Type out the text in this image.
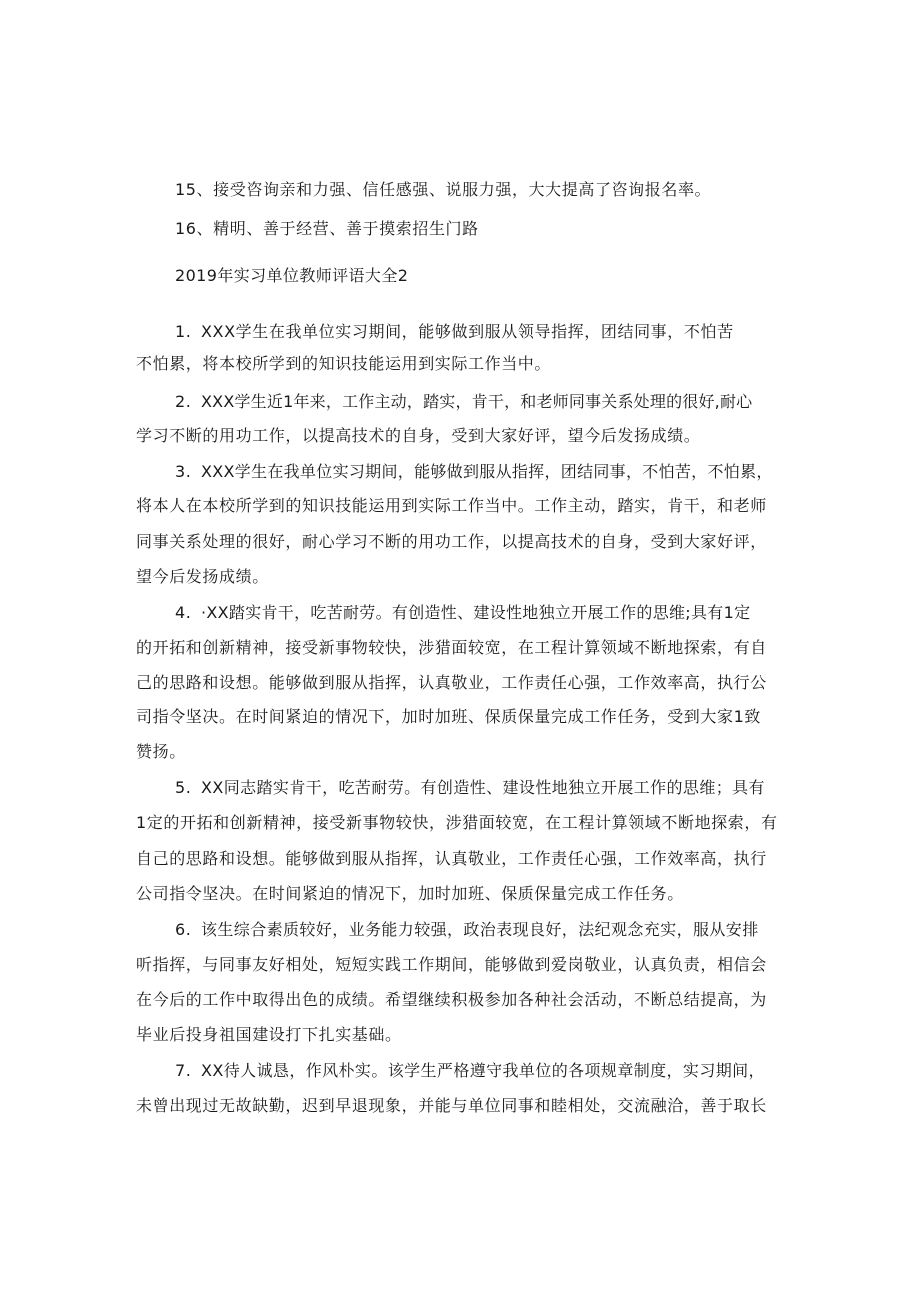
15、接受咨询亲和力强、信任感强、说服力强，大大提高了咨询报名率。
16、精明、善于经营、善于摸索招生门路
2019年实习单位教师评语大全2
1. XXX学生在我单位实习期间，能够做到服从领导指挥，团结同事，不怕苦
不怕累，将本校所学到的知识技能运用到实际工作当中。
2. XXX学生近1年来，工作主动，踏实，肯干，和老师同事关系处理的很好,耐心
学习不断的用功工作，以提高技术的自身，受到大家好评，望今后发扬成绩。
3. XXX学生在我单位实习期间，能够做到服从指挥，团结同事，不怕苦，不怕累，
将本人在本校所学到的知识技能运用到实际工作当中。工作主动，踏实，肯干，和老师
同事关系处理的很好，耐心学习不断的用功工作，以提高技术的自身，受到大家好评，
望今后发扬成绩。
4. ·XX踏实肯干，吃苦耐劳。有创造性、建设性地独立开展工作的思维;具有1定
的开拓和创新精神，接受新事物较快，涉猎面较宽，在工程计算领域不断地探索，有自
己的思路和设想。能够做到服从指挥，认真敬业，工作责任心强，工作效率高，执行公
司指令坚决。在时间紧迫的情况下，加时加班、保质保量完成工作任务，受到大家1致
赞扬。
5. XX同志踏实肯干，吃苦耐劳。有创造性、建设性地独立开展工作的思维；具有
1定的开拓和创新精神，接受新事物较快，涉猎面较宽，在工程计算领域不断地探索，有
自己的思路和设想。能够做到服从指挥，认真敬业，工作责任心强，工作效率高，执行
公司指令坚决。在时间紧迫的情况下，加时加班、保质保量完成工作任务。
6. 该生综合素质较好，业务能力较强，政治表现良好，法纪观念充实，服从安排
听指挥，与同事友好相处，短短实践工作期间，能够做到爱岗敬业，认真负责，相信会
在今后的工作中取得出色的成绩。希望继续积极参加各种社会活动，不断总结提高，为
毕业后投身祖国建设打下扎实基础。
7. XX待人诚恳，作风朴实。该学生严格遵守我单位的各项规章制度，实习期间，
未曾出现过无故缺勤，迟到早退现象，并能与单位同事和睦相处，交流融洽，善于取长
